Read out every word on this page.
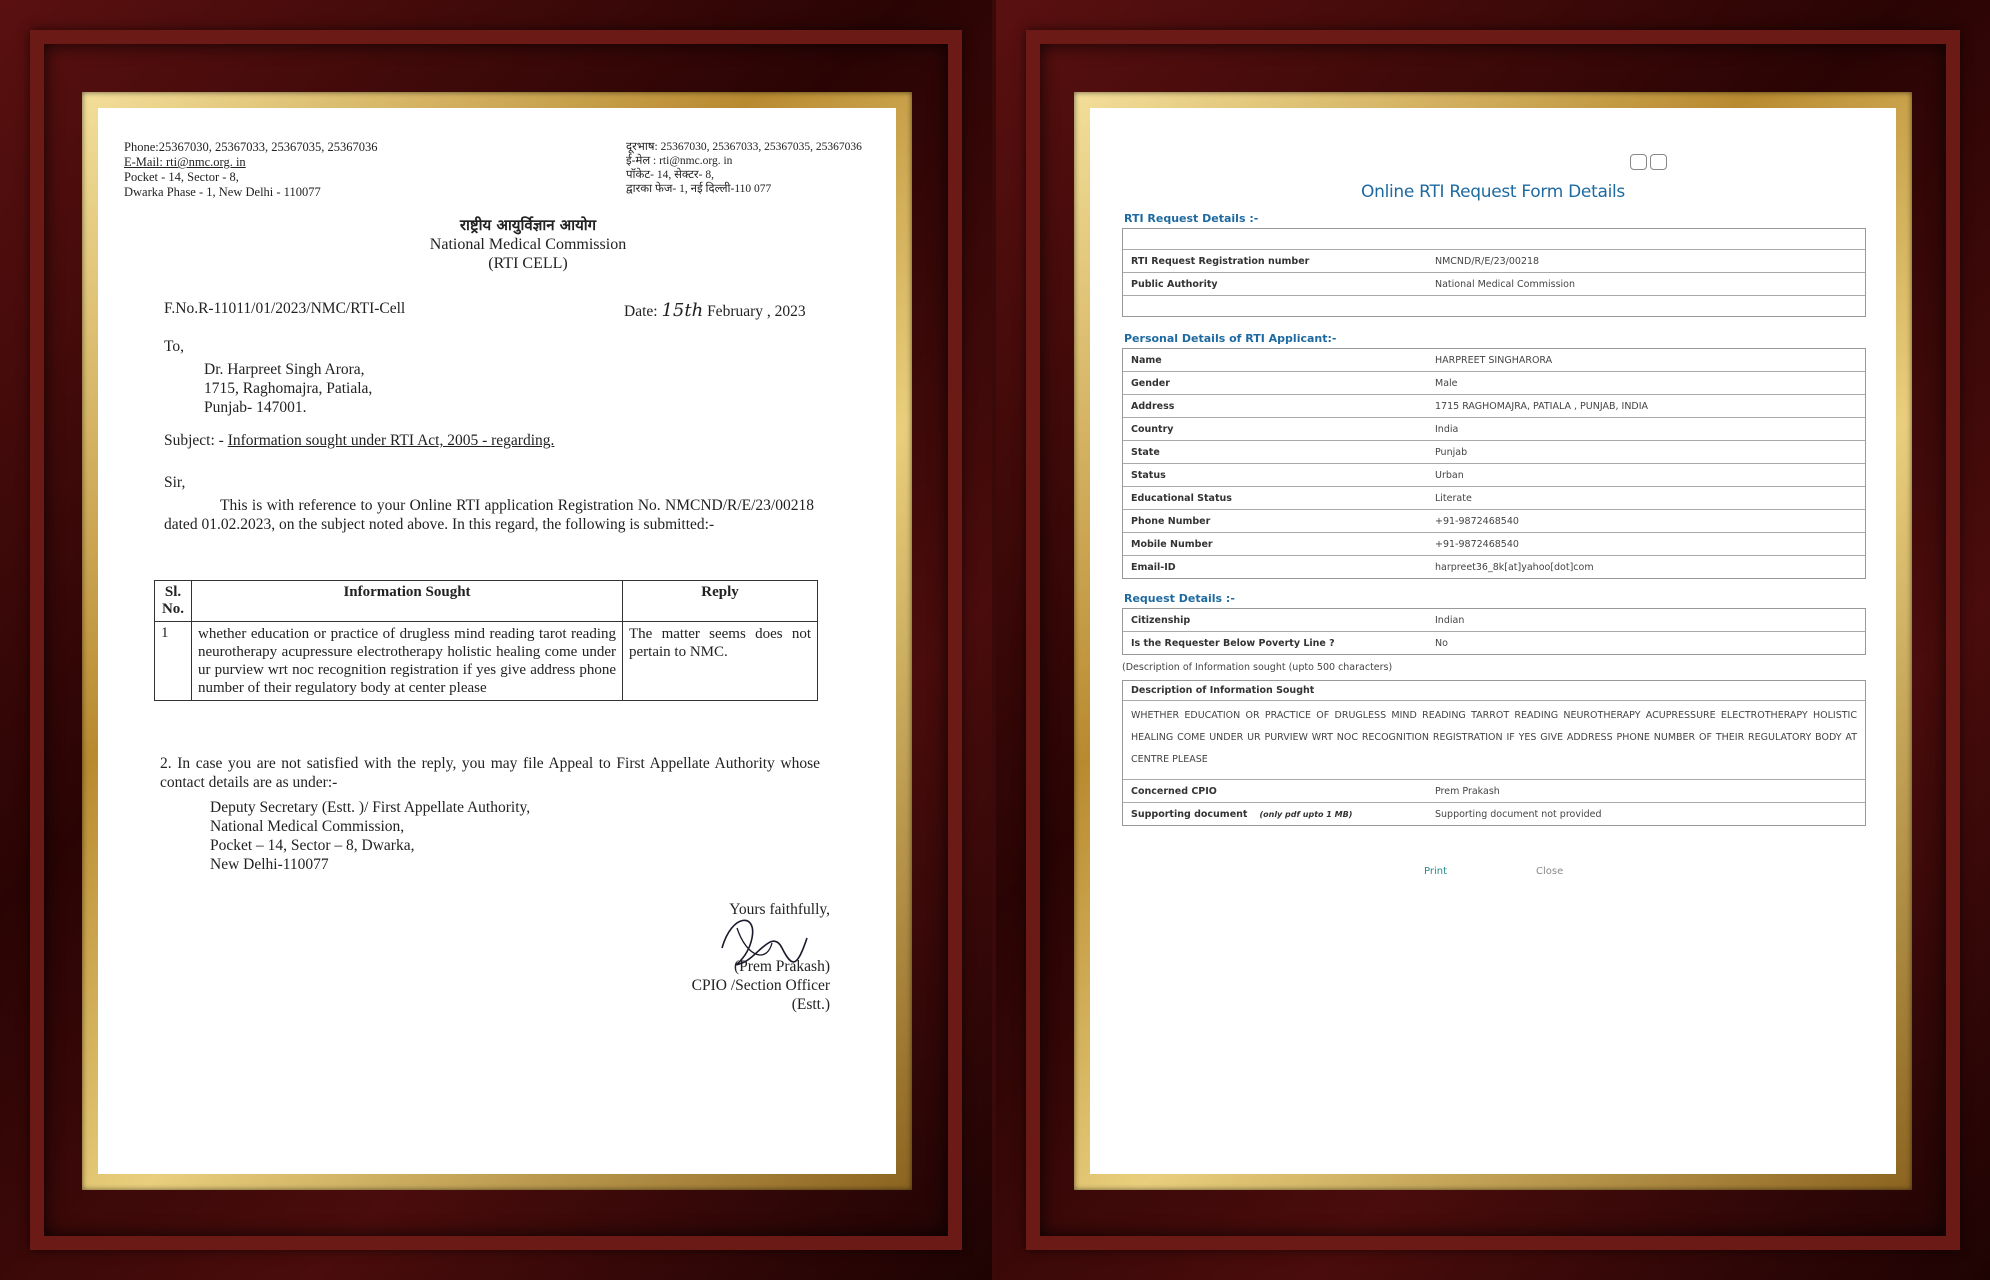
Phone:25367030, 25367033, 25367035, 25367036
E-Mail: rti@nmc.org. in
Pocket - 14, Sector - 8,
Dwarka Phase - 1, New Delhi - 110077
दूरभाष: 25367030, 25367033, 25367035, 25367036
ई-मेल : rti@nmc.org. in
पॉकेट- 14, सेक्टर- 8,
द्वारका फेज- 1, नई दिल्ली-110 077
राष्ट्रीय आयुर्विज्ञान आयोग
National Medical Commission
(RTI CELL)
F.No.R-11011/01/2023/NMC/RTI-Cell	Date: 15th February , 2023
To,
Dr. Harpreet Singh Arora,
1715, Raghomajra, Patiala,
Punjab- 147001.
Subject: - Information sought under RTI Act, 2005 - regarding.
Sir,
This is with reference to your Online RTI application Registration No. NMCND/R/E/23/00218 dated 01.02.2023, on the subject noted above. In this regard, the following is submitted:-
Sl. No.	Information Sought	Reply
1	whether education or practice of drugless mind reading tarot reading neurotherapy acupressure electrotherapy holistic healing come under ur purview wrt noc recognition registration if yes give address phone number of their regulatory body at center please	The matter seems does not pertain to NMC.
2. In case you are not satisfied with the reply, you may file Appeal to First Appellate Authority whose contact details are as under:-
Deputy Secretary (Estt. )/ First Appellate Authority,
National Medical Commission,
Pocket – 14, Sector – 8, Dwarka,
New Delhi-110077
Yours faithfully,
(Prem Prakash)
CPIO /Section Officer (Estt.)
Online RTI Request Form Details
RTI Request Details :-
RTI Request Registration number	NMCND/R/E/23/00218
Public Authority	National Medical Commission
Personal Details of RTI Applicant:-
Name	HARPREET SINGHARORA
Gender	Male
Address	1715 RAGHOMAJRA, PATIALA , PUNJAB, INDIA
Country	India
State	Punjab
Status	Urban
Educational Status	Literate
Phone Number	+91-9872468540
Mobile Number	+91-9872468540
Email-ID	harpreet36_8k[at]yahoo[dot]com
Request Details :-
Citizenship	Indian
Is the Requester Below Poverty Line ?	No
(Description of Information sought (upto 500 characters)
Description of Information Sought
WHETHER EDUCATION OR PRACTICE OF DRUGLESS MIND READING TARROT READING NEUROTHERAPY ACUPRESSURE ELECTROTHERAPY HOLISTIC HEALING COME UNDER UR PURVIEW WRT NOC RECOGNITION REGISTRATION IF YES GIVE ADDRESS PHONE NUMBER OF THEIR REGULATORY BODY AT CENTRE PLEASE
Concerned CPIO	Prem Prakash
Supporting document (only pdf upto 1 MB)	Supporting document not provided
Print	Close
